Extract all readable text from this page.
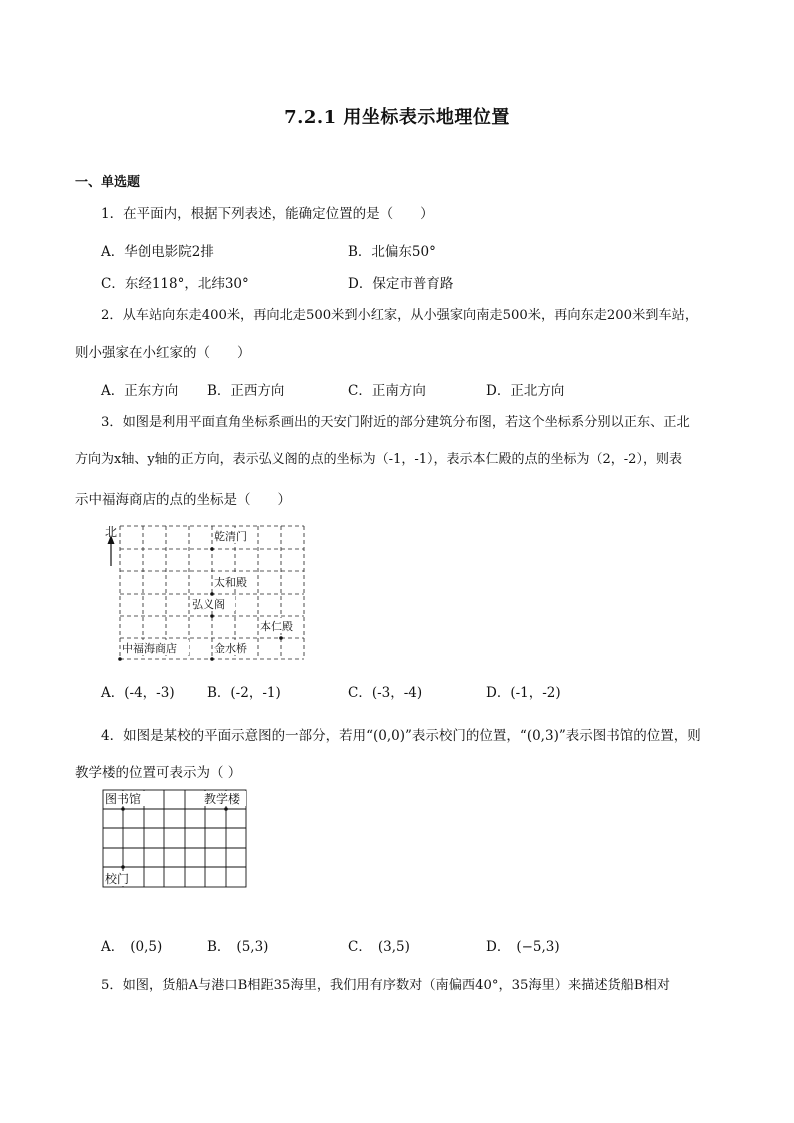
7.2.1 用坐标表示地理位置
一、单选题
1．在平面内，根据下列表述，能确定位置的是（　　）
A．华创电影院2排	B．北偏东50°
C．东经118°，北纬30°	D．保定市普育路
2．从车站向东走400米，再向北走500米到小红家，从小强家向南走500米，再向东走200米到车站，
则小强家在小红家的（　　）
A．正东方向 B．正西方向	C．正南方向	D．正北方向
3．如图是利用平面直角坐标系画出的天安门附近的部分建筑分布图，若这个坐标系分别以正东、正北
方向为x轴、y轴的正方向，表示弘义阁的点的坐标为（-1，-1），表示本仁殿的点的坐标为（2，-2），则表
示中福海商店的点的坐标是（　　）
北	乾清门
太和殿
弘义阁
本仁殿
中福海商店	金水桥
A．(-4，-3) B．(-2，-1)	C．(-3，-4)	D．(-1，-2)
4．如图是某校的平面示意图的一部分，若用“(0,0)”表示校门的位置，“(0,3)”表示图书馆的位置，则
教学楼的位置可表示为（ ）
图书馆	教学楼
校门
A． (0,5)	B． (5,3)	C． (3,5)	D． (−5,3)
5．如图，货船A与港口B相距35海里，我们用有序数对（南偏西40°，35海里）来描述货船B相对
